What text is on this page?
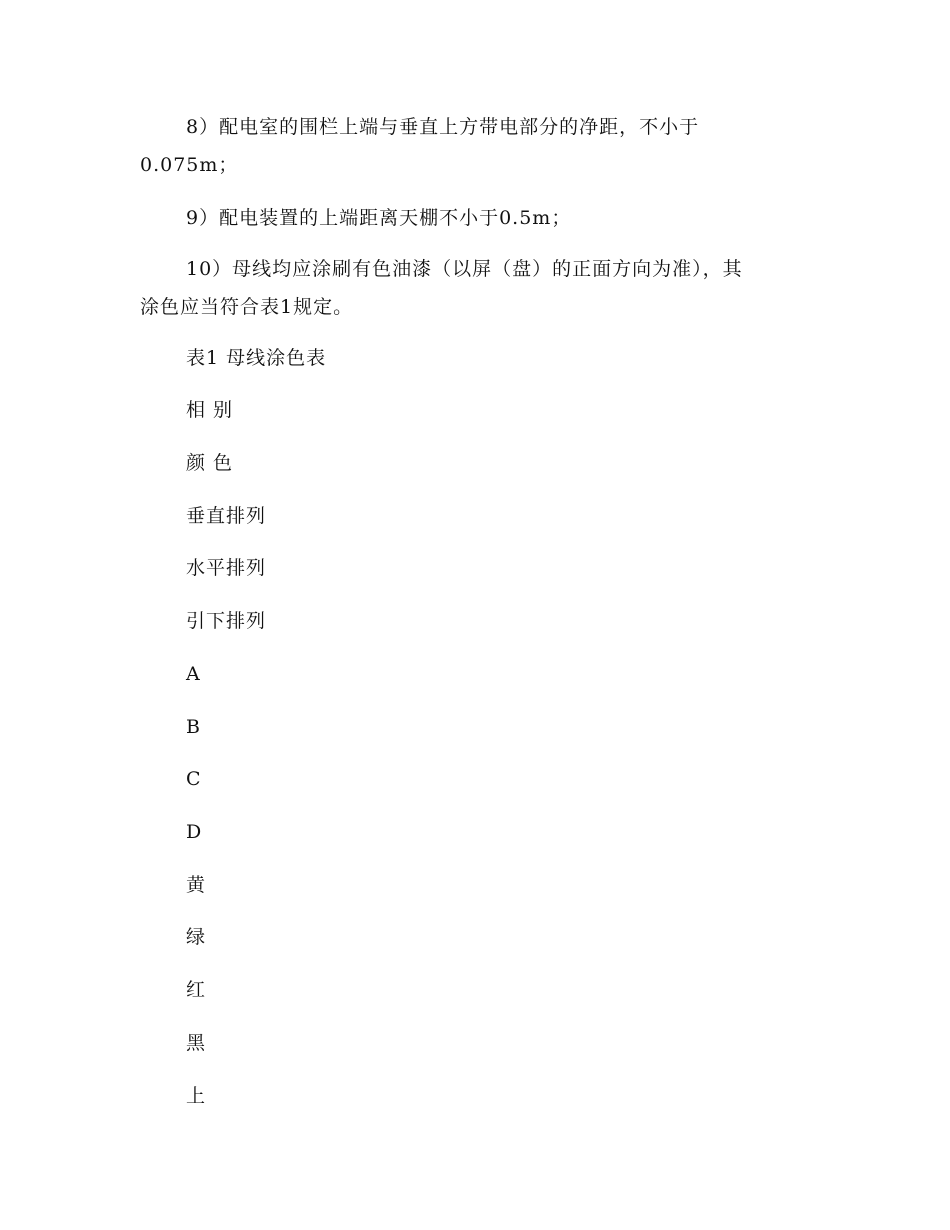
8）配电室的围栏上端与垂直上方带电部分的净距，不小于
0.075m；

9）配电装置的上端距离天棚不小于0.5m；

10）母线均应涂刷有色油漆（以屏（盘）的正面方向为准），其
涂色应当符合表1规定。

表1 母线涂色表
相 别
颜 色
垂直排列
水平排列
引下排列
A
B
C
D
黄
绿
红
黑
上
